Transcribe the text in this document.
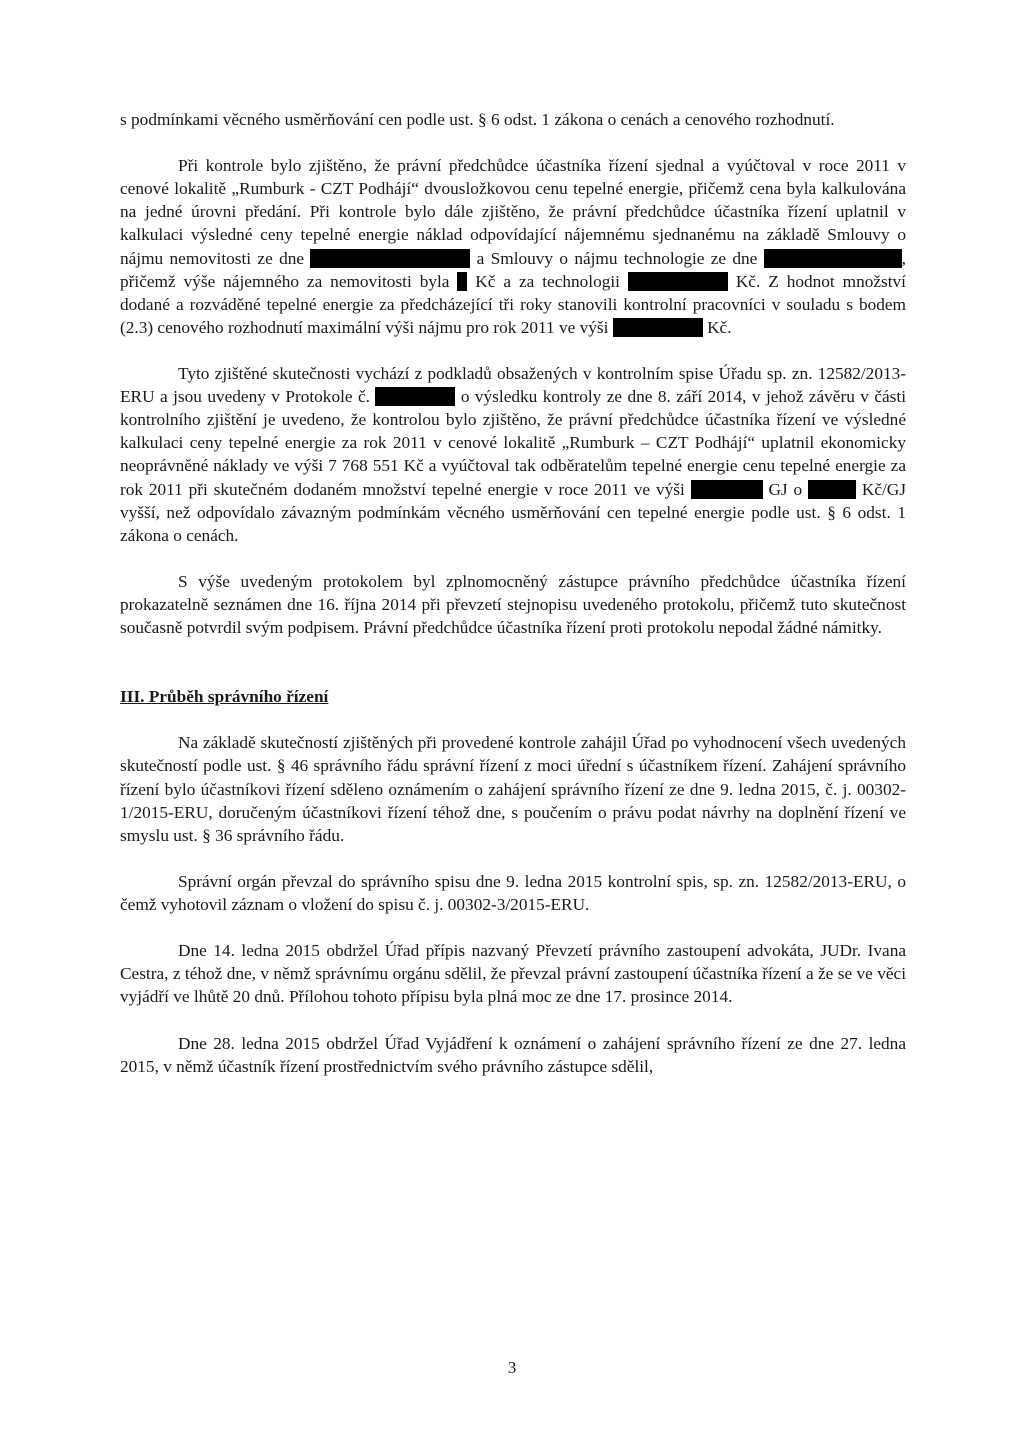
s podmínkami věcného usměrňování cen podle ust. § 6 odst. 1 zákona o cenách a cenového rozhodnutí.

Při kontrole bylo zjištěno, že právní předchůdce účastníka řízení sjednal a vyúčtoval v roce 2011 v cenové lokalitě „Rumburk - CZT Podhájí“ dvousložkovou cenu tepelné energie, přičemž cena byla kalkulována na jedné úrovni předání. Při kontrole bylo dále zjištěno, že právní předchůdce účastníka řízení uplatnil v kalkulaci výsledné ceny tepelné energie náklad odpovídající nájemnému sjednanému na základě Smlouvy o nájmu nemovitosti ze dne	a Smlouvy o nájmu technologie ze dne	, přičemž výše nájemného za nemovitosti byla  Kč a za technologii	Kč. Z hodnot množství dodané a rozváděné tepelné energie za předcházející tři roky stanovili kontrolní pracovníci v souladu s bodem (2.3) cenového rozhodnutí maximální výši nájmu pro rok 2011 ve výši	Kč.

Tyto zjištěné skutečnosti vychází z podkladů obsažených v kontrolním spise Úřadu sp. zn. 12582/2013-ERU a jsou uvedeny v Protokole č.	o výsledku kontroly ze dne 8. září 2014, v jehož závěru v části kontrolního zjištění je uvedeno, že kontrolou bylo zjištěno, že právní předchůdce účastníka řízení ve výsledné kalkulaci ceny tepelné energie za rok 2011 v cenové lokalitě „Rumburk – CZT Podhájí“ uplatnil ekonomicky neoprávněné náklady ve výši 7 768 551 Kč a vyúčtoval tak odběratelům tepelné energie cenu tepelné energie za rok 2011 při skutečném dodaném množství tepelné energie v roce 2011 ve výši	GJ o	Kč/GJ vyšší, než odpovídalo závazným podmínkám věcného usměrňování cen tepelné energie podle ust. § 6 odst. 1 zákona o cenách.

S výše uvedeným protokolem byl zplnomocněný zástupce právního předchůdce účastníka řízení prokazatelně seznámen dne 16. října 2014 při převzetí stejnopisu uvedeného protokolu, přičemž tuto skutečnost současně potvrdil svým podpisem. Právní předchůdce účastníka řízení proti protokolu nepodal žádné námitky.

III. Průběh správního řízení

Na základě skutečností zjištěných při provedené kontrole zahájil Úřad po vyhodnocení všech uvedených skutečností podle ust. § 46 správního řádu správní řízení z moci úřední s účastníkem řízení. Zahájení správního řízení bylo účastníkovi řízení sděleno oznámením o zahájení správního řízení ze dne 9. ledna 2015, č. j. 00302-1/2015-ERU, doručeným účastníkovi řízení téhož dne, s poučením o právu podat návrhy na doplnění řízení ve smyslu ust. § 36 správního řádu.

Správní orgán převzal do správního spisu dne 9. ledna 2015 kontrolní spis, sp. zn. 12582/2013-ERU, o čemž vyhotovil záznam o vložení do spisu č. j. 00302-3/2015-ERU.

Dne 14. ledna 2015 obdržel Úřad přípis nazvaný Převzetí právního zastoupení advokáta, JUDr. Ivana Cestra, z téhož dne, v němž správnímu orgánu sdělil, že převzal právní zastoupení účastníka řízení a že se ve věci vyjádří ve lhůtě 20 dnů. Přílohou tohoto přípisu byla plná moc ze dne 17. prosince 2014.

Dne 28. ledna 2015 obdržel Úřad Vyjádření k oznámení o zahájení správního řízení ze dne 27. ledna 2015, v němž účastník řízení prostřednictvím svého právního zástupce sdělil,

3
